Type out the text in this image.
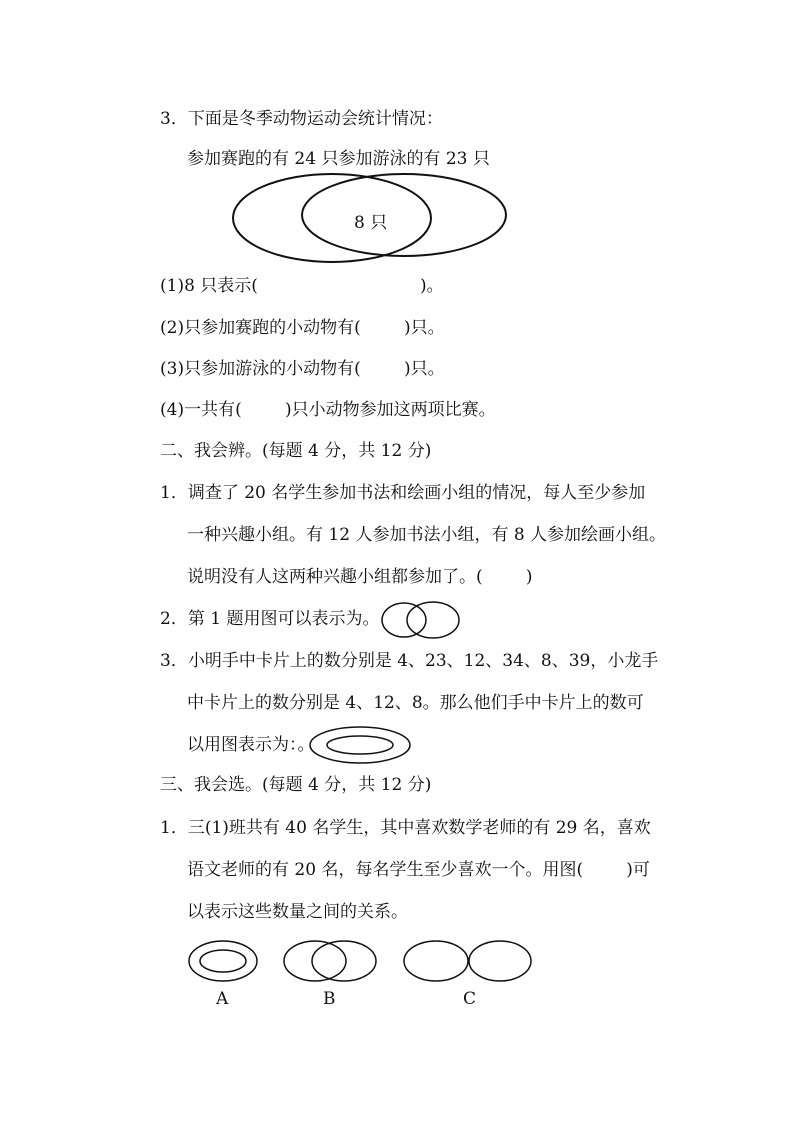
3．下面是冬季动物运动会统计情况：
参加赛跑的有 24 只参加游泳的有 23 只
8 只
(1)8 只表示(                              )。
(2)只参加赛跑的小动物有(        )只。
(3)只参加游泳的小动物有(        )只。
(4)一共有(        )只小动物参加这两项比赛。
二、我会辨。(每题 4 分，共 12 分)
1．调查了 20 名学生参加书法和绘画小组的情况，每人至少参加
一种兴趣小组。有 12 人参加书法小组，有 8 人参加绘画小组。
说明没有人这两种兴趣小组都参加了。(        )
2．第 1 题用图可以表示为。
3．小明手中卡片上的数分别是 4、23、12、34、8、39，小龙手
中卡片上的数分别是 4、12、8。那么他们手中卡片上的数可
以用图表示为：。
三、我会选。(每题 4 分，共 12 分)
1．三(1)班共有 40 名学生，其中喜欢数学老师的有 29 名，喜欢
语文老师的有 20 名，每名学生至少喜欢一个。用图(        )可
以表示这些数量之间的关系。
A	B	C
